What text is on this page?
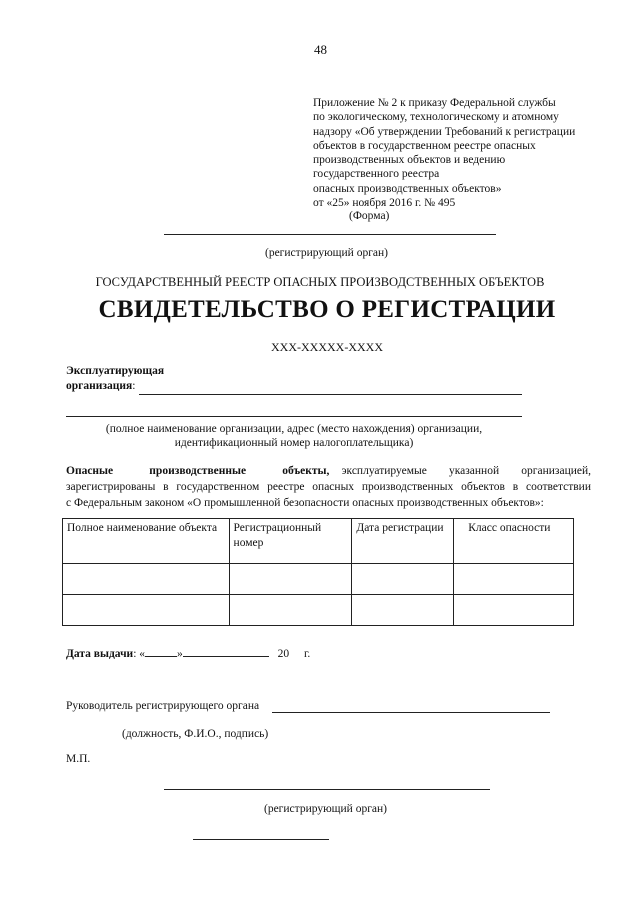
48
Приложение № 2 к приказу Федеральной службы
по экологическому, технологическому и атомному
надзору «Об утверждении Требований к регистрации
объектов в государственном реестре опасных
производственных объектов и ведению
государственного реестра
опасных производственных объектов»
от «25» ноября 2016 г. № 495
(Форма)
(регистрирующий орган)
ГОСУДАРСТВЕННЫЙ РЕЕСТР ОПАСНЫХ ПРОИЗВОДСТВЕННЫХ ОБЪЕКТОВ
СВИДЕТЕЛЬСТВО О РЕГИСТРАЦИИ
XXX-XXXXX-XXXX
Эксплуатирующая
организация:
(полное наименование организации, адрес (место нахождения) организации,
идентификационный номер налогоплательщика)
Опасные производственные объекты, эксплуатируемые указанной организацией,
зарегистрированы в государственном реестре опасных производственных объектов в соответствии
с Федеральным законом «О промышленной безопасности опасных производственных объектов»:
Полное наименование объекта	Регистрационный номер	Дата регистрации	Класс опасности

Дата выдачи: «	»	20 г.
Руководитель регистрирующего органа
(должность, Ф.И.О., подпись)
М.П.
(регистрирующий орган)
